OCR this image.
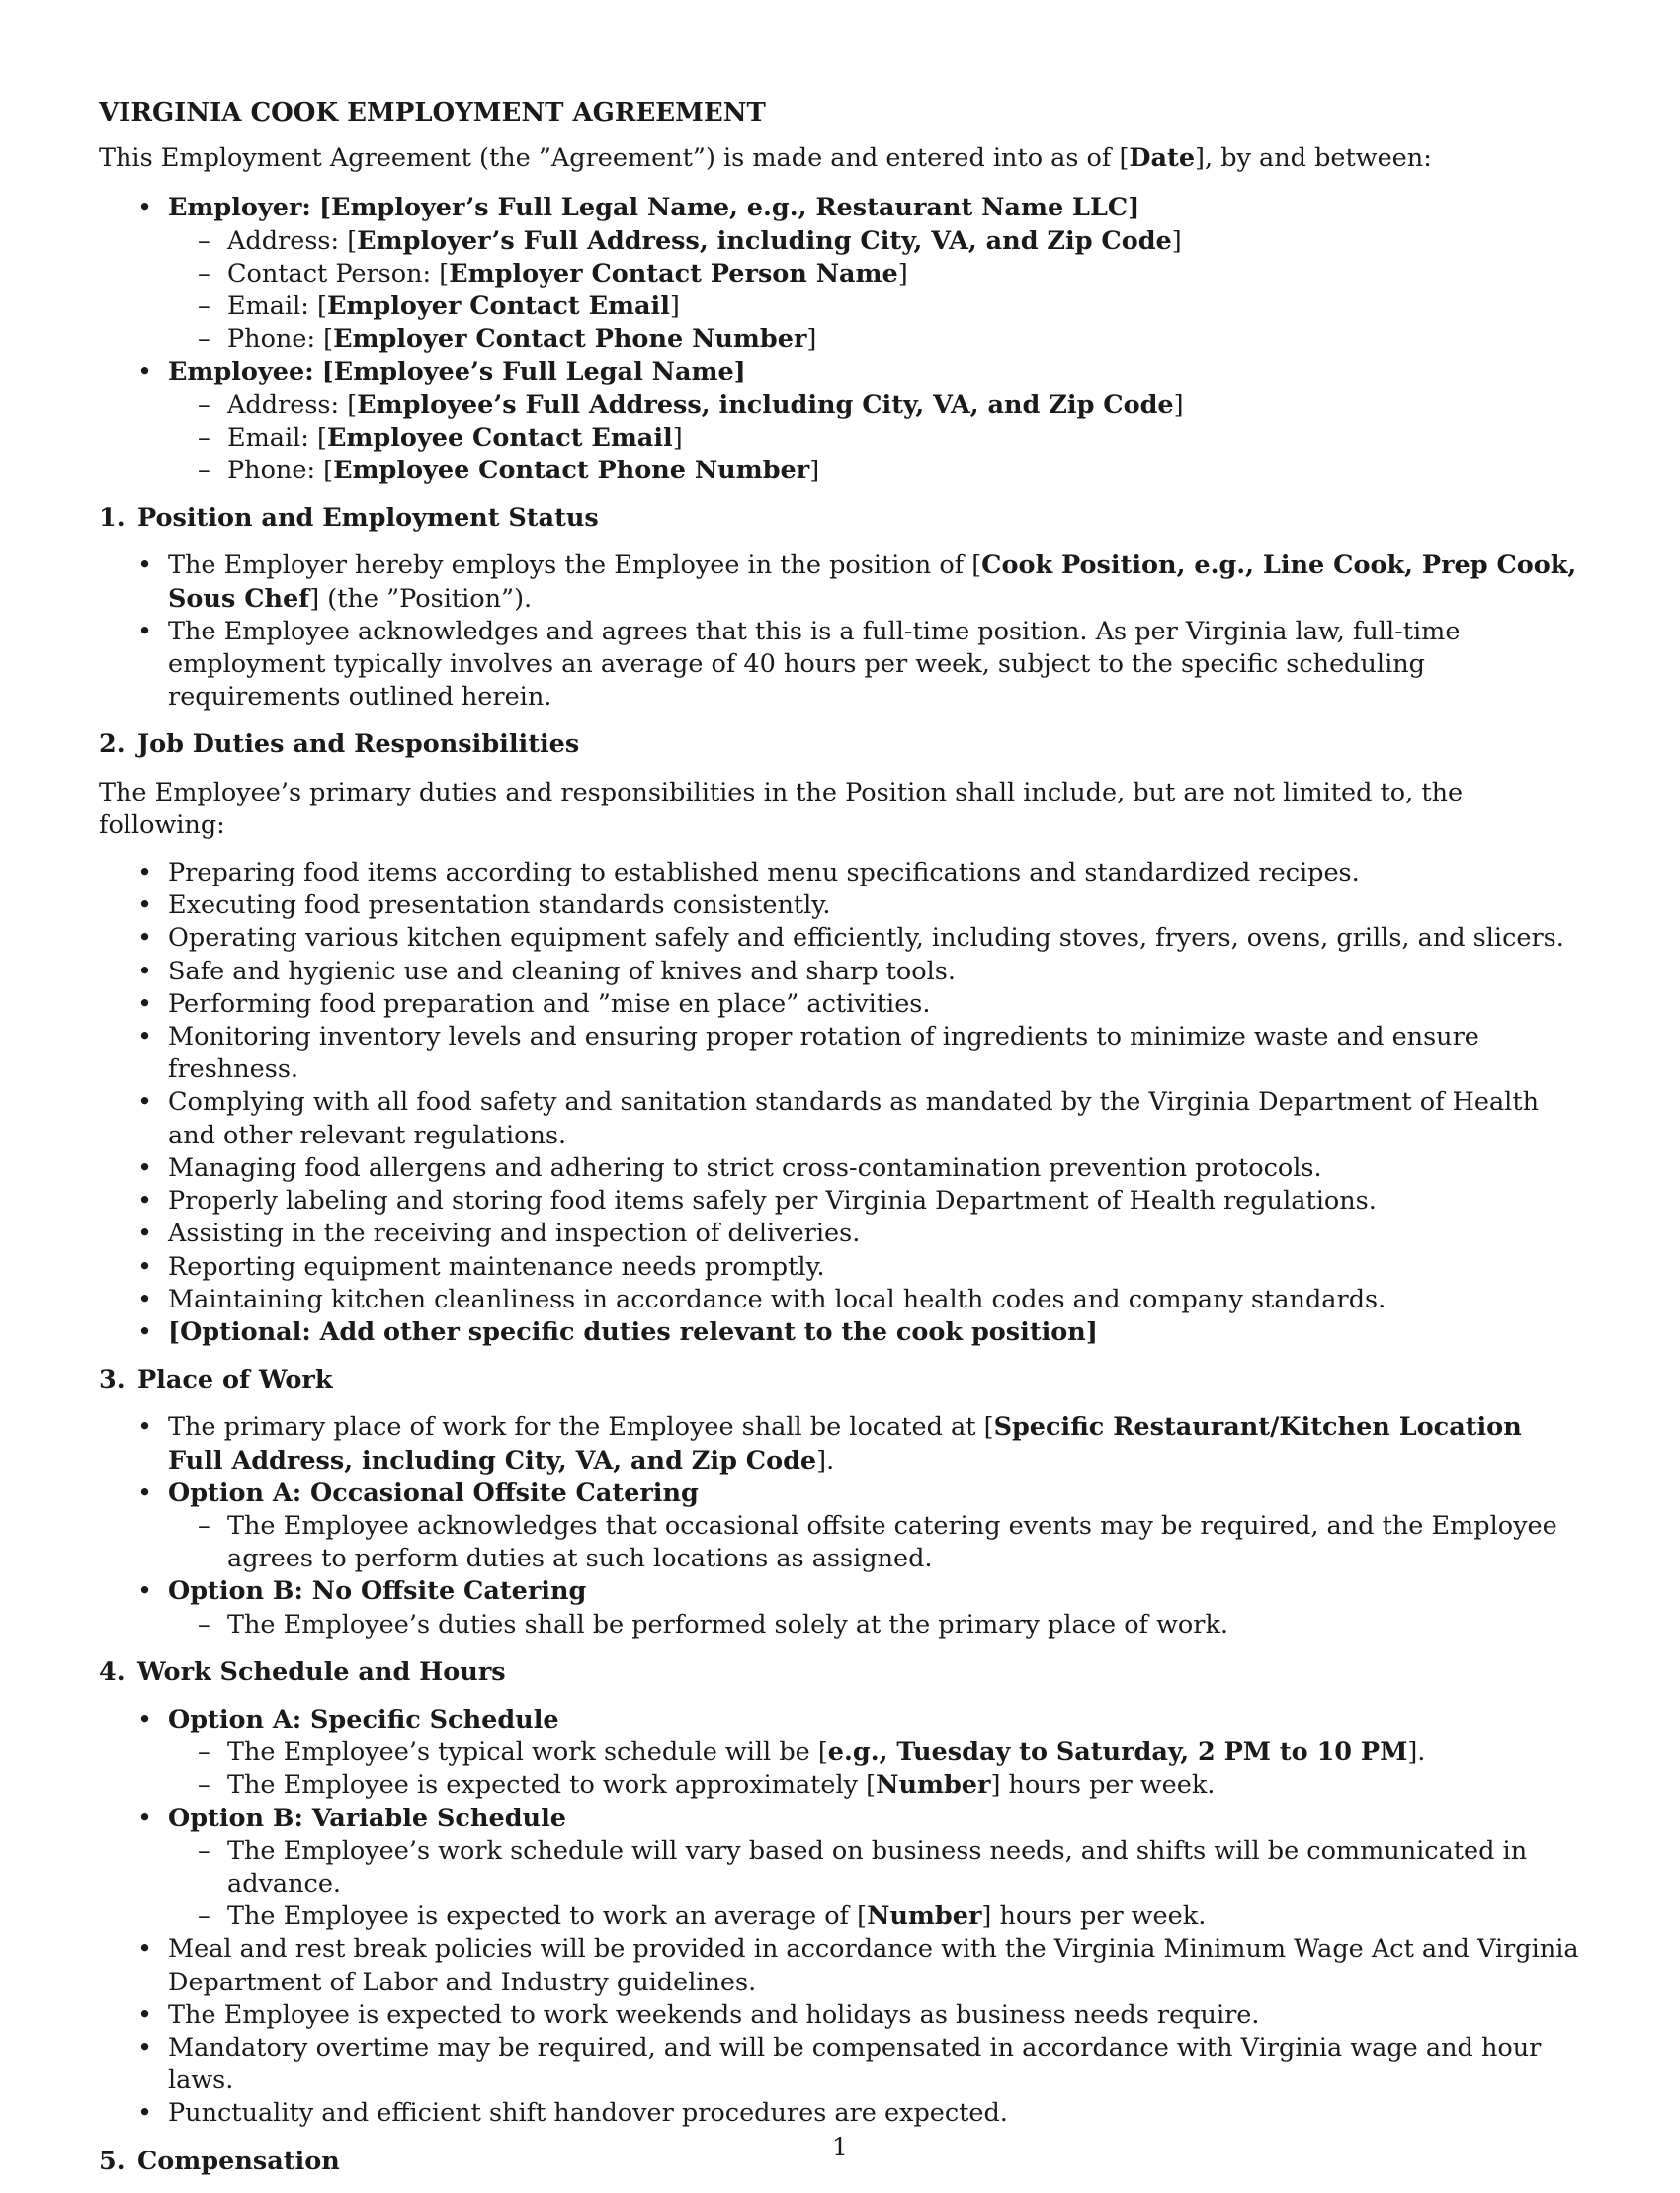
VIRGINIA COOK EMPLOYMENT AGREEMENT

This Employment Agreement (the ”Agreement”) is made and entered into as of [Date], by and between:

• Employer: [Employer’s Full Legal Name, e.g., Restaurant Name LLC]
– Address: [Employer’s Full Address, including City, VA, and Zip Code]
– Contact Person: [Employer Contact Person Name]
– Email: [Employer Contact Email]
– Phone: [Employer Contact Phone Number]
• Employee: [Employee’s Full Legal Name]
– Address: [Employee’s Full Address, including City, VA, and Zip Code]
– Email: [Employee Contact Email]
– Phone: [Employee Contact Phone Number]
1. Position and Employment Status
• The Employer hereby employs the Employee in the position of [Cook Position, e.g., Line Cook, Prep Cook, Sous Chef] (the ”Position”).
• The Employee acknowledges and agrees that this is a full-time position. As per Virginia law, full-time employment typically involves an average of 40 hours per week, subject to the specific scheduling requirements outlined herein.
2. Job Duties and Responsibilities

The Employee’s primary duties and responsibilities in the Position shall include, but are not limited to, the following:

• Preparing food items according to established menu specifications and standardized recipes.
• Executing food presentation standards consistently.
• Operating various kitchen equipment safely and efficiently, including stoves, fryers, ovens, grills, and slicers.
• Safe and hygienic use and cleaning of knives and sharp tools.
• Performing food preparation and ”mise en place” activities.
• Monitoring inventory levels and ensuring proper rotation of ingredients to minimize waste and ensure freshness.
• Complying with all food safety and sanitation standards as mandated by the Virginia Department of Health and other relevant regulations.
• Managing food allergens and adhering to strict cross-contamination prevention protocols.
• Properly labeling and storing food items safely per Virginia Department of Health regulations.
• Assisting in the receiving and inspection of deliveries.
• Reporting equipment maintenance needs promptly.
• Maintaining kitchen cleanliness in accordance with local health codes and company standards.
• [Optional: Add other specific duties relevant to the cook position]
3. Place of Work
• The primary place of work for the Employee shall be located at [Specific Restaurant/Kitchen Location Full Address, including City, VA, and Zip Code].
• Option A: Occasional Offsite Catering
– The Employee acknowledges that occasional offsite catering events may be required, and the Employee agrees to perform duties at such locations as assigned.
• Option B: No Offsite Catering
– The Employee’s duties shall be performed solely at the primary place of work.
4. Work Schedule and Hours
• Option A: Specific Schedule
– The Employee’s typical work schedule will be [e.g., Tuesday to Saturday, 2 PM to 10 PM].
– The Employee is expected to work approximately [Number] hours per week.
• Option B: Variable Schedule
– The Employee’s work schedule will vary based on business needs, and shifts will be communicated in advance.
– The Employee is expected to work an average of [Number] hours per week.
• Meal and rest break policies will be provided in accordance with the Virginia Minimum Wage Act and Virginia Department of Labor and Industry guidelines.
• The Employee is expected to work weekends and holidays as business needs require.
• Mandatory overtime may be required, and will be compensated in accordance with Virginia wage and hour laws.
• Punctuality and efficient shift handover procedures are expected.
5. Compensation	1
